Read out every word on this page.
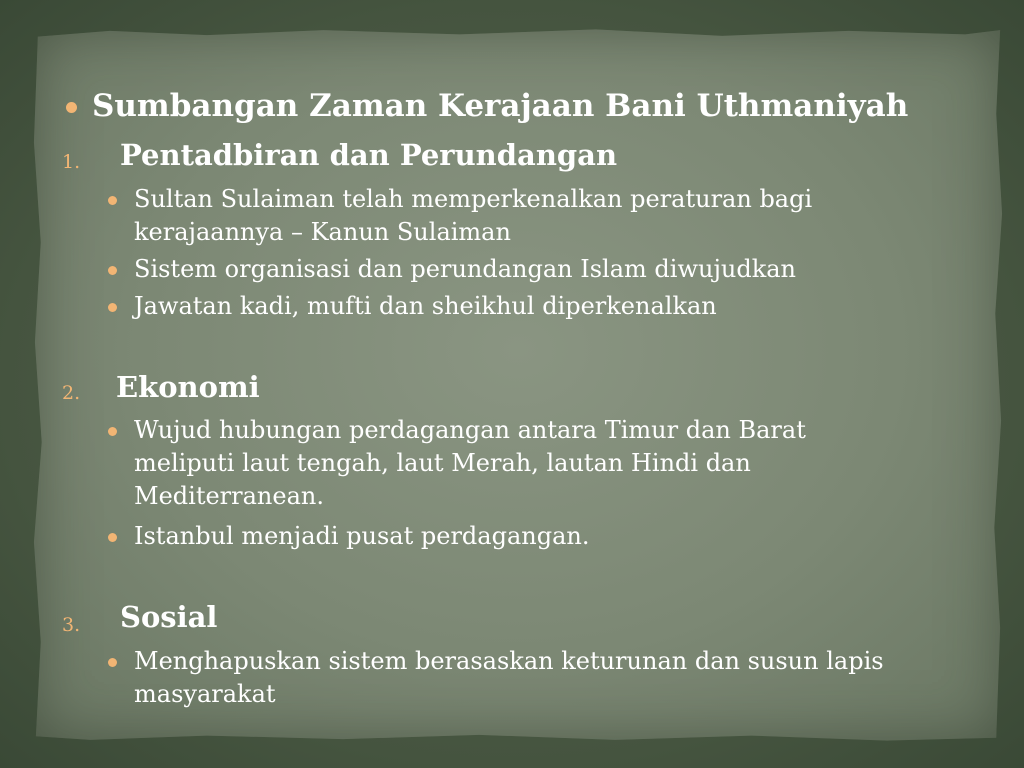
Sumbangan Zaman Kerajaan Bani Uthmaniyah
1. Pentadbiran dan Perundangan
Sultan Sulaiman telah memperkenalkan peraturan bagi
kerajaannya – Kanun Sulaiman
Sistem organisasi dan perundangan Islam diwujudkan
Jawatan kadi, mufti dan sheikhul diperkenalkan
2. Ekonomi
Wujud hubungan perdagangan antara Timur dan Barat
meliputi laut tengah, laut Merah, lautan Hindi dan
Mediterranean.
Istanbul menjadi pusat perdagangan.
3. Sosial
Menghapuskan sistem berasaskan keturunan dan susun lapis
masyarakat
